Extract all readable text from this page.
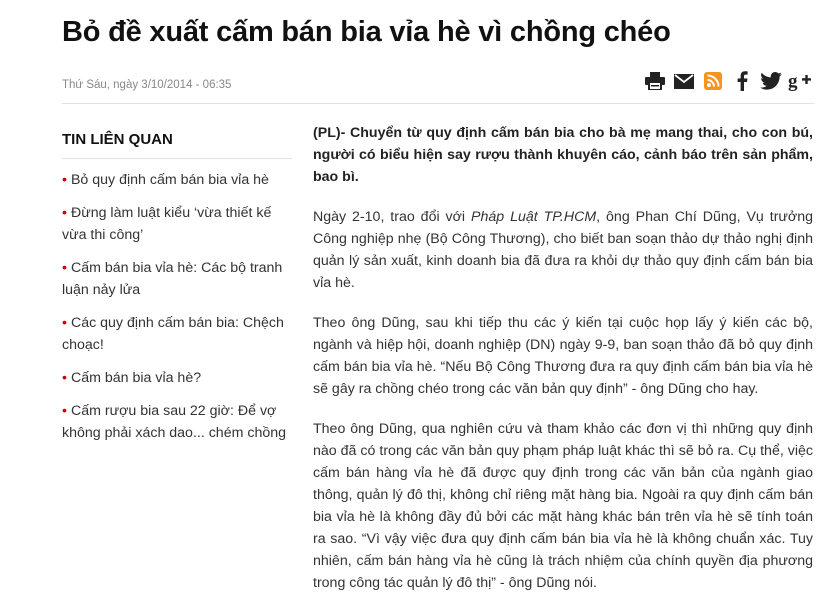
Bỏ đề xuất cấm bán bia vỉa hè vì chồng chéo
Thứ Sáu, ngày 3/10/2014 - 06:35	g
TIN LIÊN QUAN
• Bỏ quy định cấm bán bia vỉa hè
• Đừng làm luật kiểu ‘vừa thiết kế vừa thi công’
• Cấm bán bia vỉa hè: Các bộ tranh luận nảy lửa
• Các quy định cấm bán bia: Chệch choạc!
• Cấm bán bia vỉa hè?
• Cấm rượu bia sau 22 giờ: Để vợ không phải xách dao... chém chồng

(PL)- Chuyển từ quy định cấm bán bia cho bà mẹ mang thai, cho con bú, người có biểu hiện say rượu thành khuyên cáo, cảnh báo trên sản phẩm, bao bì.

Ngày 2-10, trao đổi với Pháp Luật TP.HCM, ông Phan Chí Dũng, Vụ trưởng Công nghiệp nhẹ (Bộ Công Thương), cho biết ban soạn thảo dự thảo nghị định quản lý sản xuất, kinh doanh bia đã đưa ra khỏi dự thảo quy định cấm bán bia vỉa hè.

Theo ông Dũng, sau khi tiếp thu các ý kiến tại cuộc họp lấy ý kiến các bộ, ngành và hiệp hội, doanh nghiệp (DN) ngày 9-9, ban soạn thảo đã bỏ quy định cấm bán bia vỉa hè. “Nếu Bộ Công Thương đưa ra quy định cấm bán bia vỉa hè sẽ gây ra chồng chéo trong các văn bản quy định” - ông Dũng cho hay.

Theo ông Dũng, qua nghiên cứu và tham khảo các đơn vị thì những quy định nào đã có trong các văn bản quy phạm pháp luật khác thì sẽ bỏ ra. Cụ thể, việc cấm bán hàng vỉa hè đã được quy định trong các văn bản của ngành giao thông, quản lý đô thị, không chỉ riêng mặt hàng bia. Ngoài ra quy định cấm bán bia vỉa hè là không đầy đủ bởi các mặt hàng khác bán trên vỉa hè sẽ tính toán ra sao. “Vì vậy việc đưa quy định cấm bán bia vỉa hè là không chuẩn xác. Tuy nhiên, cấm bán hàng vỉa hè cũng là trách nhiệm của chính quyền địa phương trong công tác quản lý đô thị” - ông Dũng nói.
